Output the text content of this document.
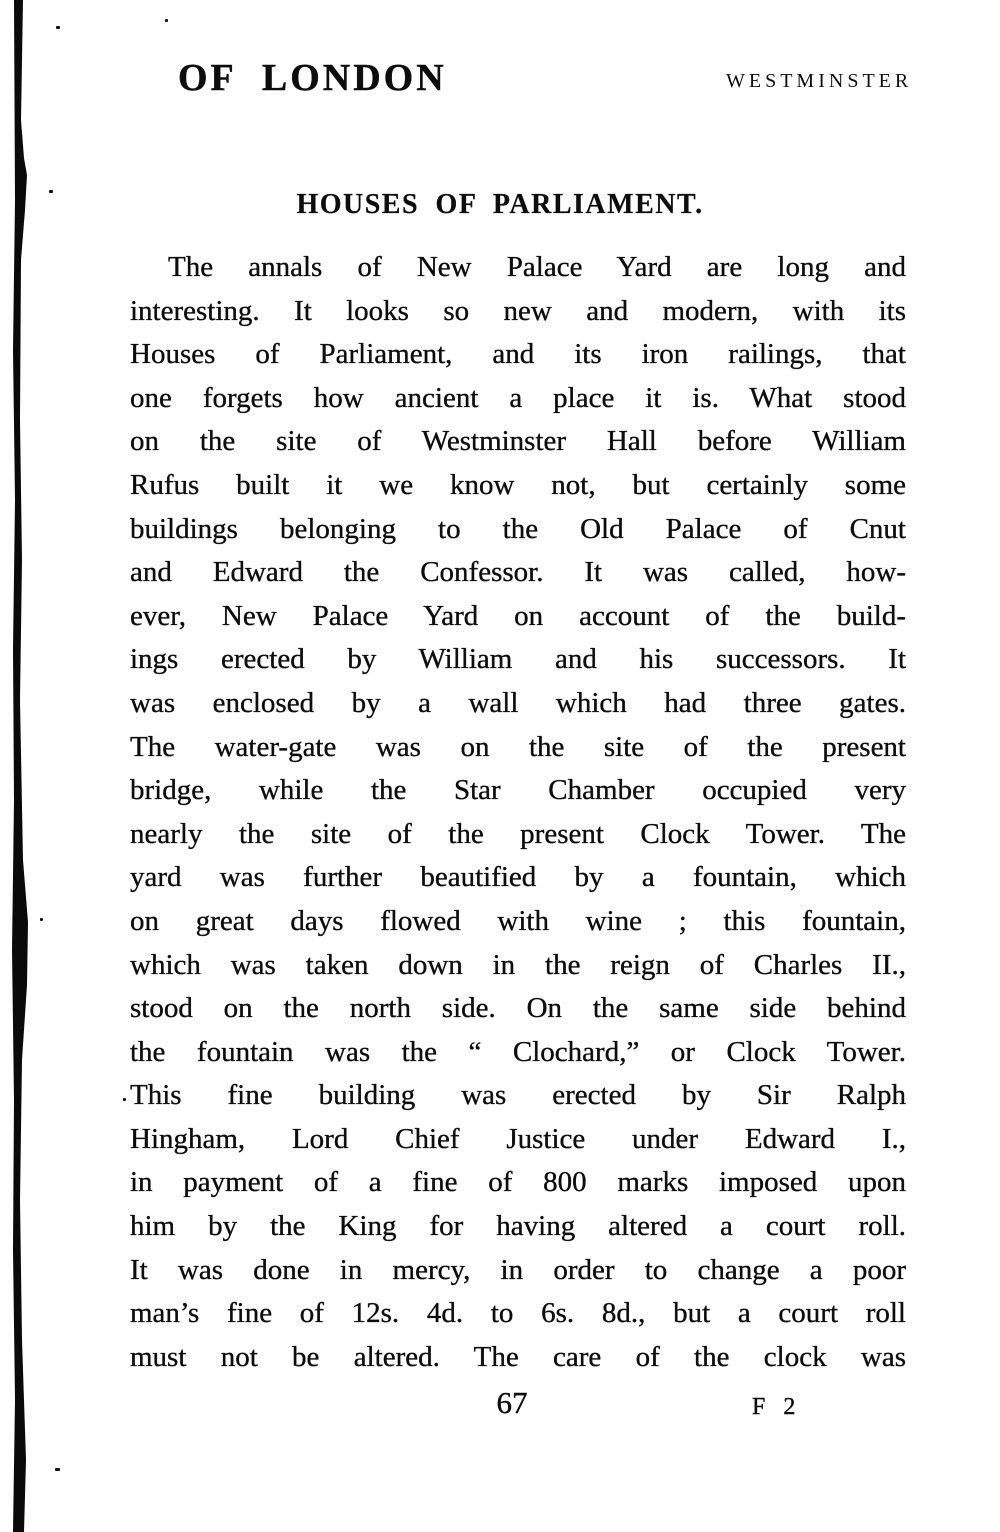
OF LONDON	WESTMINSTER
HOUSES OF PARLIAMENT.
The annals of New Palace Yard are long and
interesting. It looks so new and modern, with its
Houses of Parliament, and its iron railings, that
one forgets how ancient a place it is. What stood
on the site of Westminster Hall before William
Rufus built it we know not, but certainly some
buildings belonging to the Old Palace of Cnut
and Edward the Confessor. It was called, how-
ever, New Palace Yard on account of the build-
ings erected by William and his successors. It
was enclosed by a wall which had three gates.
The water-gate was on the site of the present
bridge, while the Star Chamber occupied very
nearly the site of the present Clock Tower. The
yard was further beautified by a fountain, which
on great days flowed with wine ; this fountain,
which was taken down in the reign of Charles II.,
stood on the north side. On the same side behind
the fountain was the “ Clochard,” or Clock Tower.
This fine building was erected by Sir Ralph
Hingham, Lord Chief Justice under Edward I.,
in payment of a fine of 800 marks imposed upon
him by the King for having altered a court roll.
It was done in mercy, in order to change a poor
man’s fine of 12s. 4d. to 6s. 8d., but a court roll
must not be altered. The care of the clock was
67	F 2
